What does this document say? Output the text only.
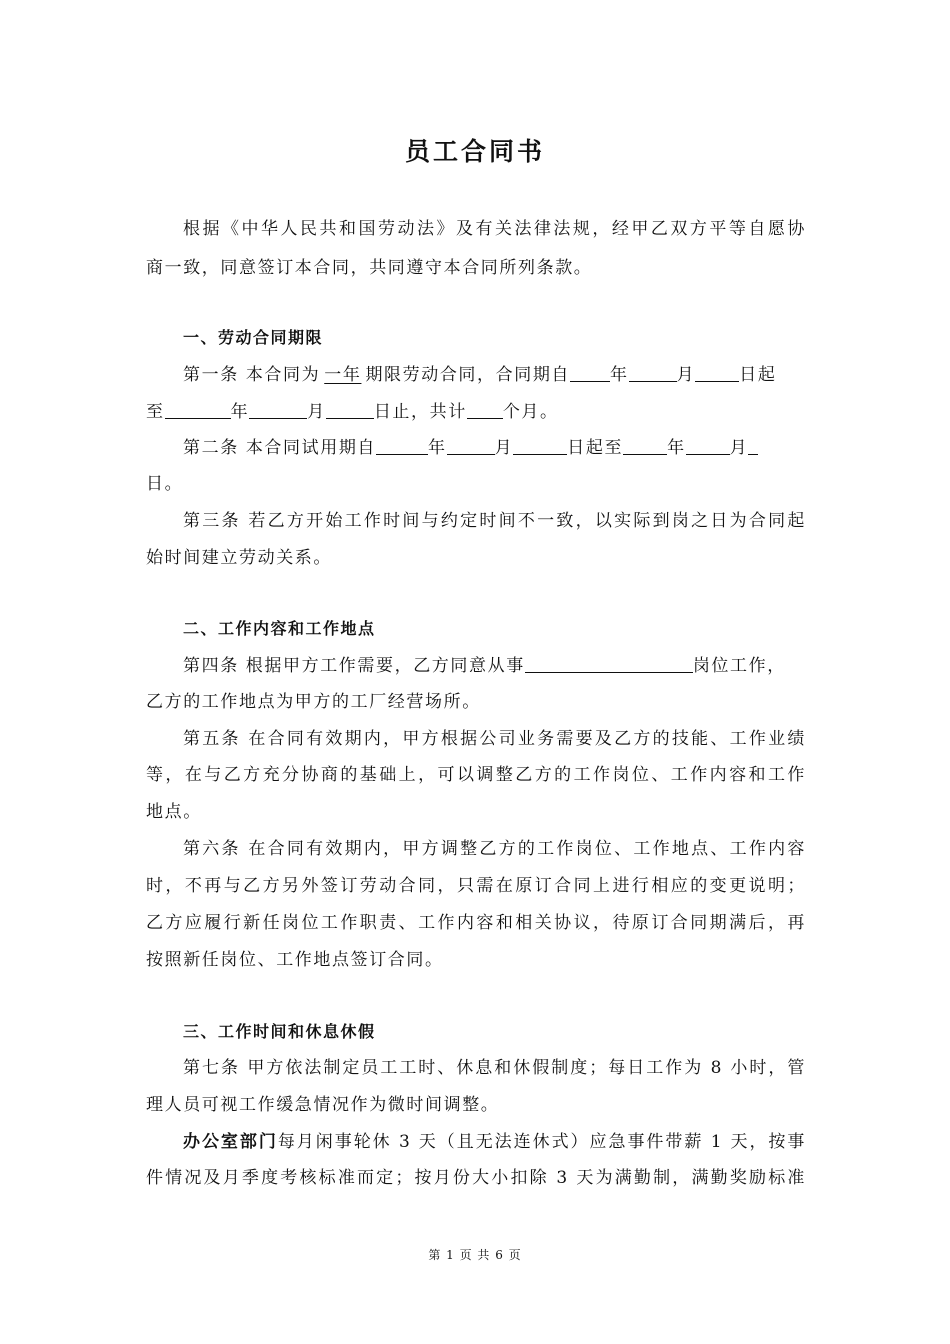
员工合同书
根据《中华人民共和国劳动法》及有关法律法规，经甲乙双方平等自愿协
商一致，同意签订本合同，共同遵守本合同所列条款。
一、劳动合同期限
第一条 本合同为 一年 期限劳动合同，合同期自 年	月	日起
至	年	月	日止，共计 个月。
第二条 本合同试用期自	年	月	日起至	年	月
日。
第三条 若乙方开始工作时间与约定时间不一致，以实际到岗之日为合同起
始时间建立劳动关系。
二、工作内容和工作地点
第四条 根据甲方工作需要，乙方同意从事	岗位工作，
乙方的工作地点为甲方的工厂经营场所。
第五条 在合同有效期内，甲方根据公司业务需要及乙方的技能、工作业绩
等，在与乙方充分协商的基础上，可以调整乙方的工作岗位、工作内容和工作
地点。
第六条 在合同有效期内，甲方调整乙方的工作岗位、工作地点、工作内容
时，不再与乙方另外签订劳动合同，只需在原订合同上进行相应的变更说明；
乙方应履行新任岗位工作职责、工作内容和相关协议，待原订合同期满后，再
按照新任岗位、工作地点签订合同。
三、工作时间和休息休假
第七条 甲方依法制定员工工时、休息和休假制度；每日工作为 8 小时，管
理人员可视工作缓急情况作为微时间调整。
办公室部门每月闲事轮休 3 天（且无法连休式）应急事件带薪 1 天，按事
件情况及月季度考核标准而定；按月份大小扣除 3 天为满勤制，满勤奖励标准
第 1 页 共 6 页
